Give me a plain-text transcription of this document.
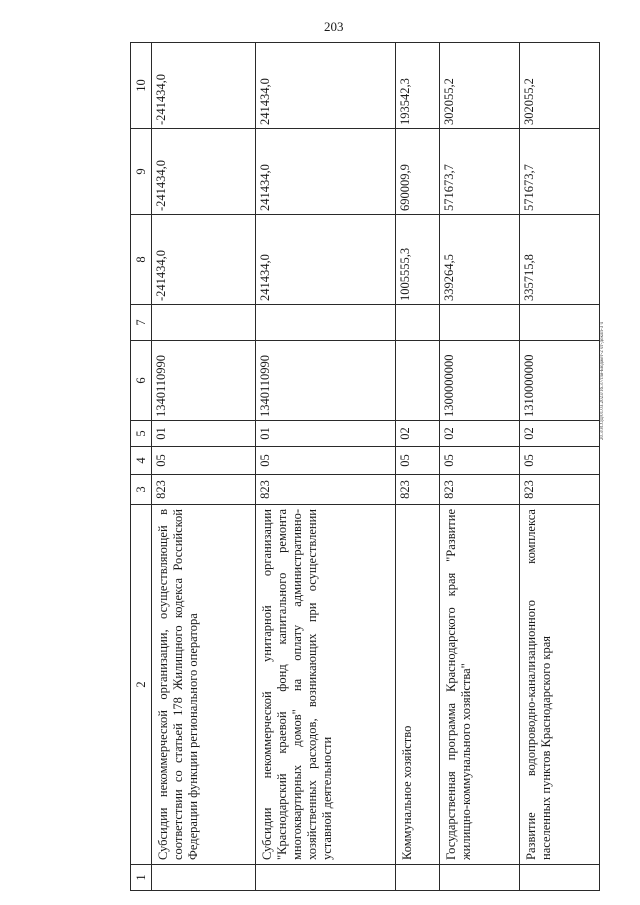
203
20.3/ЗСОД/01.03.2023/16.37/гля-Бюджет-2 чт-доклп-3 ч
1	2	3	4	5	6	7	8	9	10
	Субсидии некоммерческой организации, осуществляющей в соответствии со статьей 178 Жилищного кодекса Российской Федерации функции регионального оператора	823	05	01	1340110990		-241434,0	-241434,0	-241434,0
	Субсидии некоммерческой унитарной организации "Краснодарский краевой фонд капитального ремонта многоквартирных домов" на оплату административно-хозяйственных расходов, возникающих при осуществлении уставной деятельности	823	05	01	1340110990		241434,0	241434,0	241434,0
	Коммунальное хозяйство	823	05	02			1005555,3	690009,9	193542,3
	Государственная программа Краснодарского края "Развитие жилищно-коммунального хозяйства"	823	05	02	1300000000		339264,5	571673,7	302055,2
	Развитие водопроводно-канализационного комплекса населенных пунктов Краснодарского края	823	05	02	1310000000		335715,8	571673,7	302055,2
